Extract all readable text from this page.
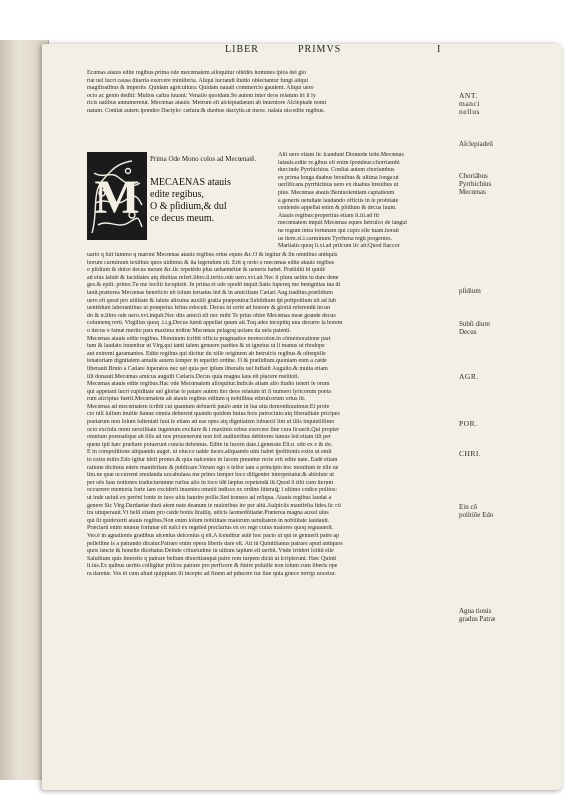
LIBER	PRIMVS	I
Ecœnas atauis edite regibus.prima ode mecœnatem alloquitur oſtēdēs homines ipſos del glo
riæ uel lucri causa diuerſa exercere miniſteria. Aliqui lucrandi ſtudio oblectantur fungi aliqui
magiſtratibus & imperiis .Quidam agricultura: Quidam nauali commercio gaudent. Aliqui uero
ocio ac genio dediti: Multos caſtra iuuant: Venatio quoſdam.Se autem inter deos relatum iri ſi ly
ricis uatibus annumeretur. Mecœnas atauis: Metrum eſt aſclepiadæum ab inuentore Aſclepiade nomi
natum. Conſtat autem ſpondeo Dactylo: cæſura:& duobus dactylis.ut mece. naſata uis:edite regibus.
M
Prima Ode Mono colos ad Mecœnatē.
MECAENAS atauis
edite regibus,
O & pſidium,& dul
ce decus meum.
Alii uero etiam ſic ſcandunt Diomede teſte.Mecœnas
ſatauis.edite re.gibus eſt enim ſpondeus:chorriambi
duo:inde Pyrrhichius. Conſtat autem choriambus
ex prima longa duabus breuibus & ultima longa:ut
uerſificans.pyrrhichius uero ex duabus breuibus ut
pius. Mecœnas atauis:Beniuolentiam captatieum
a generis uetuſtate laudando officiis in ſe probitate
cenſendo appellat enim & pſidium & decus ſuum.
Atauis regibus:propertius etiam li.iii.ad fit
mecœnatem inquit Mecœnas eques hetruſco de ſangui
ne regum intra fortunam qui cupis eſſe tuam.horati
us item.xi.i.carminum Tyrrhena regū progenies.
Martialis quoq li.xi.ad priſcum ſic ait:Quod flaccor
uario q ſuit ſummo q maroni Mecœnas atauis regibus ortus eques &c.O & legitur & ſin omnibus antiquis
horum carminum textibus quos uidimus & ita legendum eſt. Erit q ordo o mecœnas edite atauis regibus
o pſidium & dulce decus meum &c.ſic repetēdo plus uehæmētiæ & ueneris habet. Præſidiū id quidē
ad eius ſalutē & facultates atq diuitias refert.libro.ii.tertio.ode uero.xvi.ait Nec ſi plura uelim tu dare dene
ges.& epiſt. primo.Tu me feciſti locupletē. In prima et ode epodō inquit.Satis ſupereq me benignitas tua di
tauit.præterea Mecœnas beneficio nō ſolum ſeruatus ſed & in amicitiam Cæſari Aug.traditus.præſidium
uero eſt quod pro utilitate & ſalute alicuius auxilii gratia præponitur.Subſidium q̄d poſtpoſitum eſt ad ſub
ueniēdum laborantibus ut pompeius feſtus edocuit. Decus id certe ad honore & gloriā referendū ſecun
do & n.libro ode uero.xvi.inquit.Nec diis amicū eſt nec mihi Te prius obire Mecœnas meæ grande decus
columenq rerū. Virgilius quoq .i.i.g.Decus ſumū appellat quum ait.Tuq ades inceptūq una decurre la borem
o decus o famæ merito pars maxima noſtræ Mecœnas pelagoq uolans da uela patenti.
Mecœnas atauis edite regibus. Hominum ſcribit officia pragmatice monocolon.in cōmemoratione part
tum & laudato inuenitur ut Virg.qui tanti talem genuere parētes & ut ignetus ut ſi manus ut rhodope
aut extremi garamantes. Edite regibus qui dicitur du xiſſe originem ab hetruſcis regibus & oſtenpiſſe
ſenatoriam dignitatem amuſſe autem ſemper in equeſtri ordine. O & præſidium.quoniam eum a cæde
liberauit Bruto a Cæſare ſuperatos nec uel quia per ipſum liberalis uel ſuffaiſt Auguſto.& multa etiam
illi donauit.Mecœnas amicus auguſti Cæſaris.Decus quia magna laus eſt placere melitoti.
Mecœnas atauis edite regibus.Hac ode Mecœnatem alloquitur.Indicās aliam alio ſtudio teneri ſe orum
qui appetant lucri cupiditate uel gloriæ ſe patare autem iter deos relatum iri ſi numero lyricorum poeta
rum aſcriptus fuerit.Mecœnatem ait atauis regibus editum q nobilibus ethruſcorum ortus ſit.
Mecœnas ad mecœnatem ſcribit cui quantum debuerit paulo ante in ſua uita demonſtrauimus:Et profe
cto nīſi ſuſſum inuitſe ſtanue omnia deberent quando quidem huius hois patrocinio:atq liberalitate pricipes
poetarum non ſolum ſuſtentati ſuut ſe etiam ad eas opes atq dignitatem ſubuecti ſint ut illis inquietiſſimo
ocio exclufa omni neceſſitate ingenium excitare & i maximis rebus exercere ſine cura licuerit.Qui propter
omnium poematique ab illis ad nos prouenerunt non ſoli auditoribus debitores ſumus ſed etiam illi per
quem ipſi hæc præſtare potuerunt cuncta debemus. Edite in lucem date.i.generate.Eſt.n. edo ex e & do.
E in compoſitione aliquando auget. ut elucco ualde luceo.aliquando uim habet ſpoſitionis extra ut emit
to extra mitto.Edo igitur ideſt promo.& quia naſcentes in lucem pmuntur recte erit edite nate. Eadē etiam
ratione dicimus edere manifeſtare & publicare.Verum ego o ſelfor iam a principio hoc monitum te eſſe ue
lim.ne quæ occurrent enodanda uocabulaea me primo ſemper loco diligenter interpretatur.& abſolute ut
per oēs ſuas notiones traducturumne rurſus alio in loco idē ſæpius repetendā ſit.Quod ſi tibi cum iterum
occurrere memoria forte iam exciderit inuenies omniū indices ex ordine litteraꝗ: i ultimo codice poſitos:
ut inde ueluti ex perēni fonte in tuos uſus haurire poſſis.Sed transeo ad reliqua. Atauis regibus laudat a
genere Sic Virg.Dardaniæ durū atem nate deanum te maioribus ire per altū.Auſpiciis manifeſta fides.ſic cū
tra uituperauit.Vt belli etiam pro cæde bonis ſtratiſq. uēſcis laomedōtiadæ.Præterea magna auxeſ uſus
qui ſit quidexerit atauis regibus.Non enim ſolum nobilitate maiorum uetuſtatem in nobilitate laudauit.
Præclarū enim munus fortunæ eſt naſci ex regeſed preclarius ex eo rege cuius maiores quoq regnauerit.
Ves.ē in agnationis gradibus aſcenſus deſcenſus q eſt.A ſcenditur autē hoc pacto ut qui te genuerit patre ap
pelleſſine is a patrando dicatur.Patrare enim opera liberis dare eſt. Ait tū Quintilianus patrare apud antiquos
quos ſancte & honeſte dicebatur.Deinde cōſuetudine in uitium lapſum eſt uerbū. Vnde irrideri ſolitū eſſe
Saluſtium quis ſmeretis q patrare bellum dixeritlanquā patro rem turpem dictā ut ſcripſerunt. Hæc Quinti
li.ius.Ex quibus uerbis colligitur priſcos patrare pro perficere & finire poſuiſſe non ſolum cum liberis ope
ra daretur. Ves ēt cum aliud quippiam iſi incepto ad finem ad pducere tur ſiue quia græce πατήρ uocetur.
ANT. manci nellus
Aſclepiadeū
Choriābus Pyrrhichius Mecœnas
pſidium
Subſi dium Decus
AGR.
POR.
CHRI.
Ein cō poſitiōe Edo
Agna tionis gradus Patræ
